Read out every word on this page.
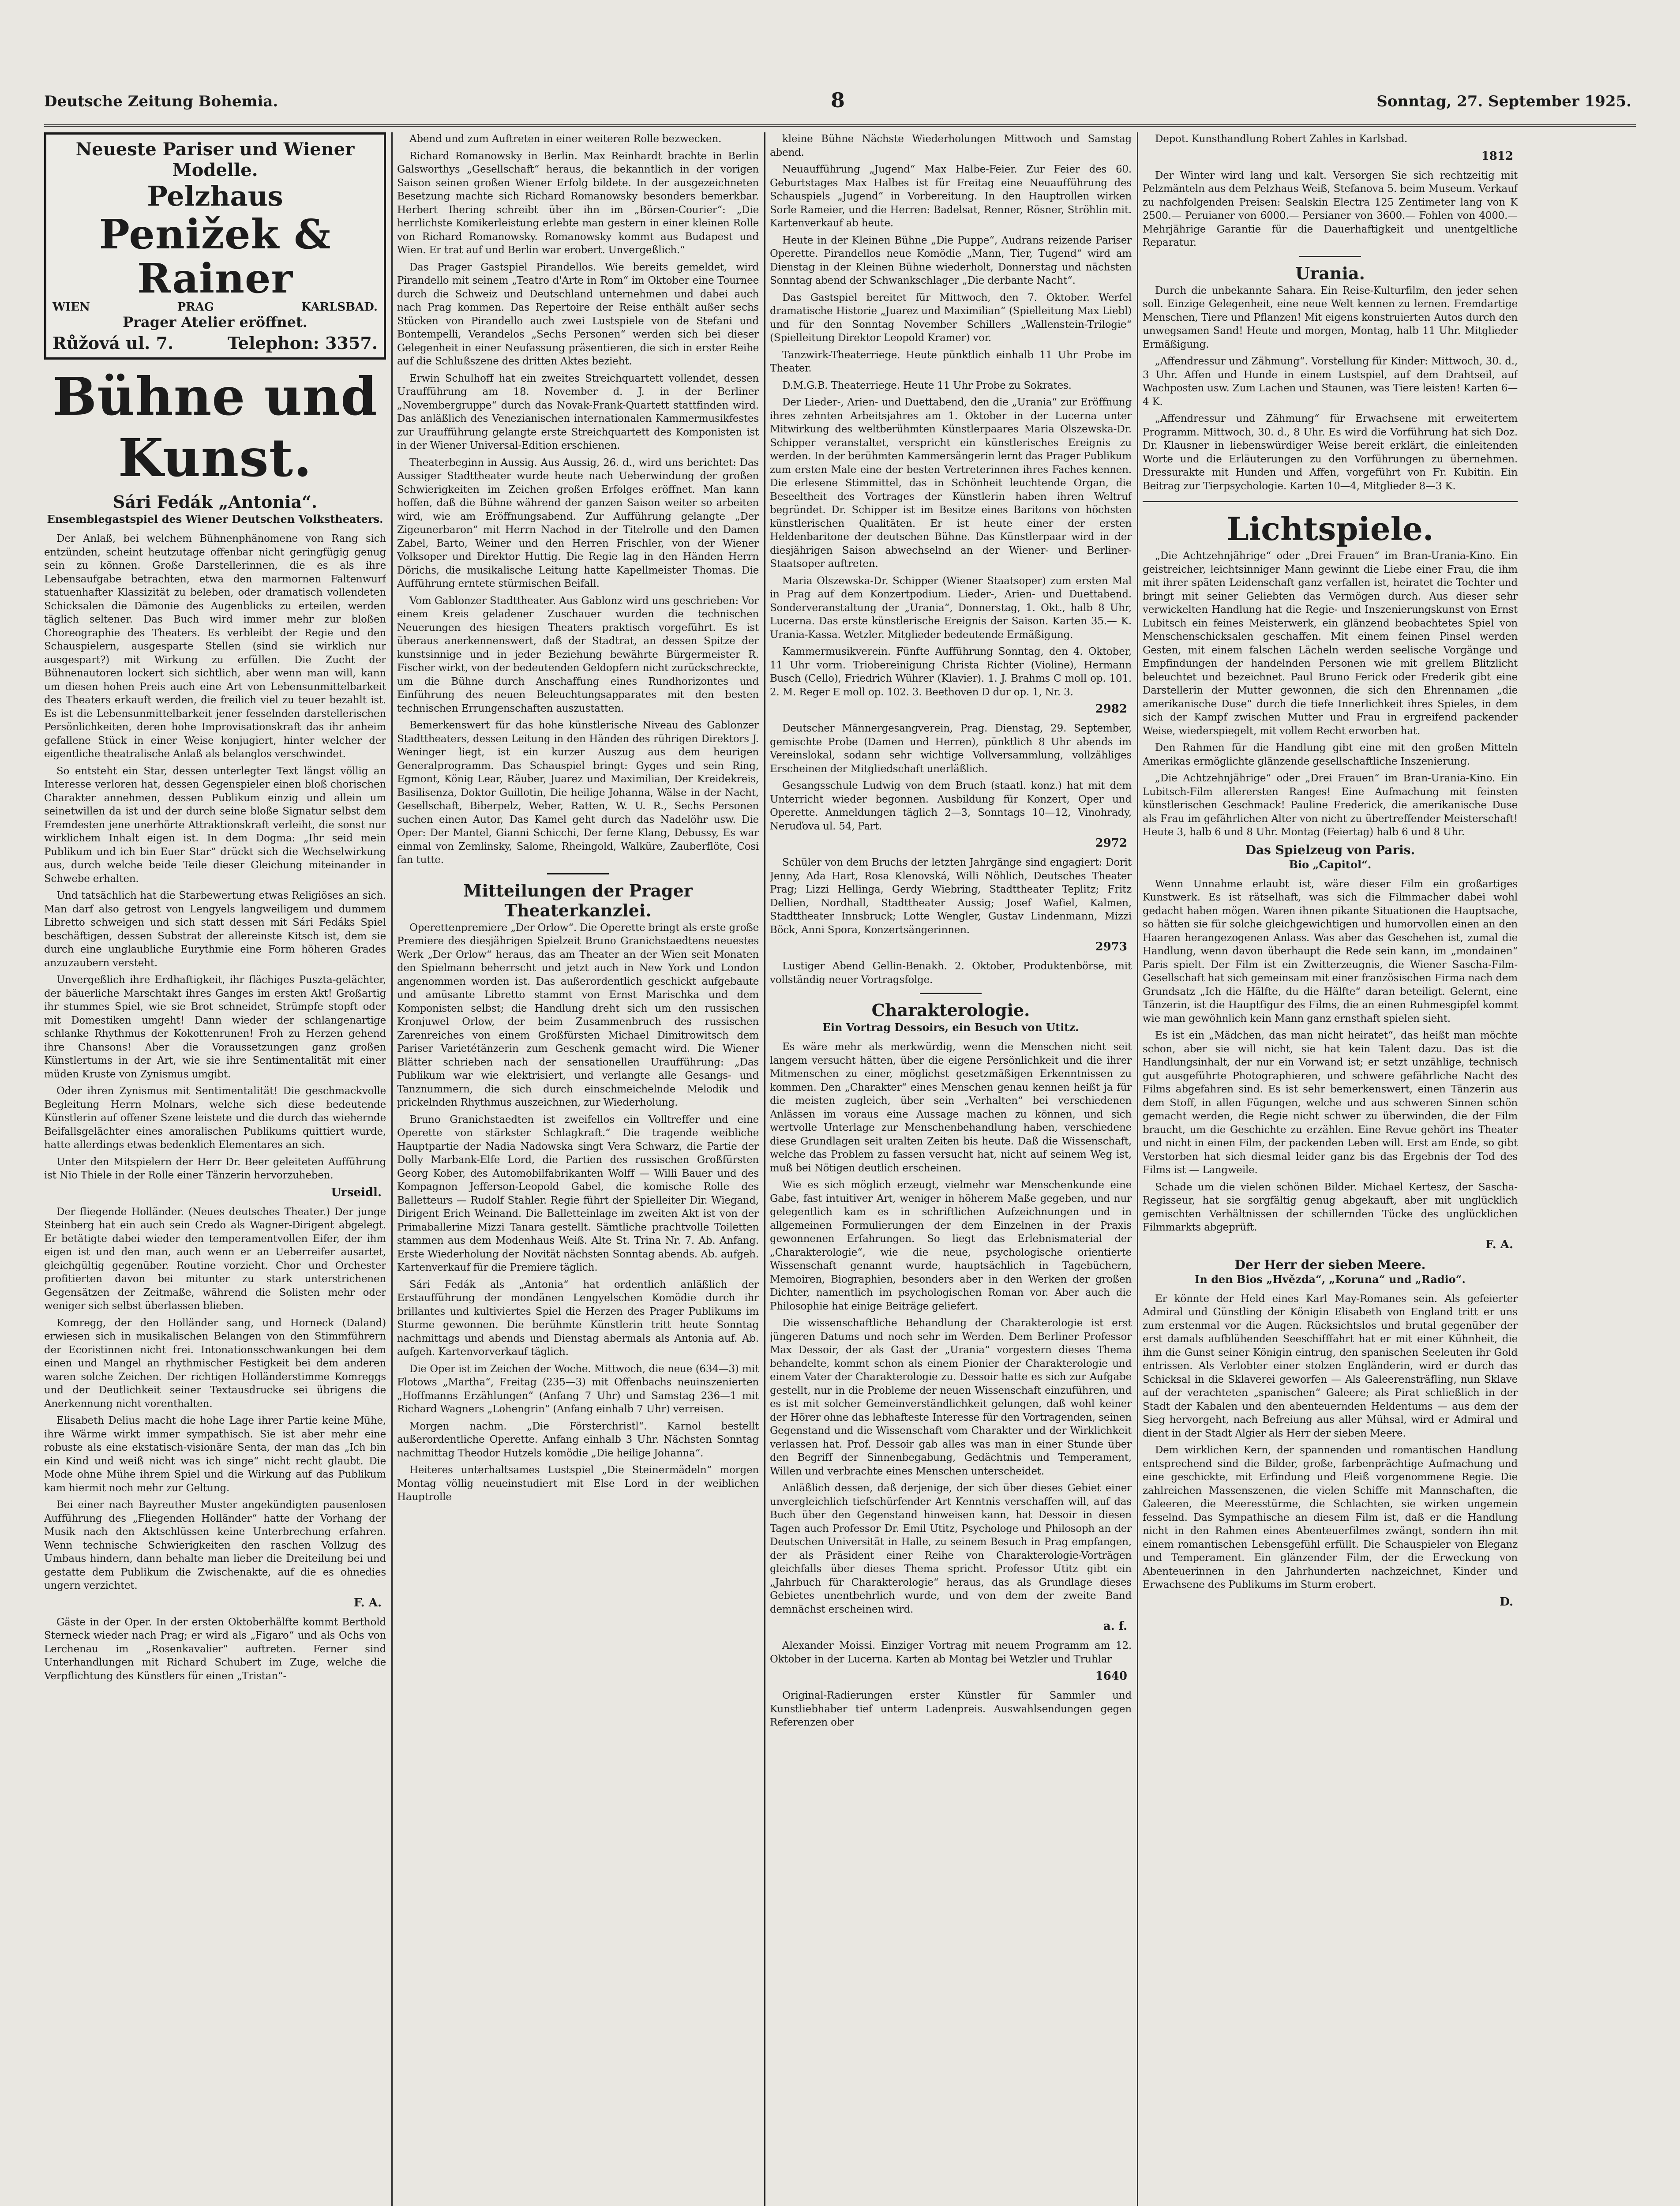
Deutsche Zeitung Bohemia.	8	Sonntag, 27. September 1925.
Neueste Pariser und Wiener Modelle.
Pelzhaus
Penižek & Rainer
WIEN	PRAG	KARLSBAD.
Prager Atelier eröffnet.
Růžová ul. 7.	Telephon: 3357.
Bühne und Kunst.
Sári Fedák „Antonia“.
Ensemblegastspiel des Wiener Deutschen Volkstheaters.

Der Anlaß, bei welchem Bühnenphänomene von Rang sich entzünden, scheint heutzutage offenbar nicht geringfügig genug sein zu können. Große Darstellerinnen, die es als ihre Lebensaufgabe betrachten, etwa den marmornen Faltenwurf statuenhafter Klassizität zu beleben, oder dramatisch vollendeten Schicksalen die Dämonie des Augenblicks zu erteilen, werden täglich seltener. Das Buch wird immer mehr zur bloßen Choreographie des Theaters. Es verbleibt der Regie und den Schauspielern, ausgesparte Stellen (sind sie wirklich nur ausgespart?) mit Wirkung zu erfüllen. Die Zucht der Bühnenautoren lockert sich sichtlich, aber wenn man will, kann um diesen hohen Preis auch eine Art von Lebensunmittelbarkeit des Theaters erkauft werden, die freilich viel zu teuer bezahlt ist. Es ist die Lebensunmittelbarkeit jener fesselnden darstellerischen Persönlichkeiten, deren hohe Improvisationskraft das ihr anheim gefallene Stück in einer Weise konjugiert, hinter welcher der eigentliche theatralische Anlaß als belanglos verschwindet.

So entsteht ein Star, dessen unterlegter Text längst völlig an Interesse verloren hat, dessen Gegenspieler einen bloß chorischen Charakter annehmen, dessen Publikum einzig und allein um seinetwillen da ist und der durch seine bloße Signatur selbst dem Fremdesten jene unerhörte Attraktionskraft verleiht, die sonst nur wirklichem Inhalt eigen ist. In dem Dogma: „Ihr seid mein Publikum und ich bin Euer Star“ drückt sich die Wechselwirkung aus, durch welche beide Teile dieser Gleichung miteinander in Schwebe erhalten.

Und tatsächlich hat die Starbewertung etwas Religiöses an sich. Man darf also getrost von Lengyels langweiligem und dummem Libretto schweigen und sich statt dessen mit Sári Fedáks Spiel beschäftigen, dessen Substrat der allereinste Kitsch ist, dem sie durch eine unglaubliche Eurythmie eine Form höheren Grades anzuzaubern versteht.

Unvergeßlich ihre Erdhaftigkeit, ihr flächiges Puszta-gelächter, der bäuerliche Marschtakt ihres Ganges im ersten Akt! Großartig ihr stummes Spiel, wie sie Brot schneidet, Strümpfe stopft oder mit Domestiken umgeht! Dann wieder der schlangenartige schlanke Rhythmus der Kokottenrunen! Froh zu Herzen gehend ihre Chansons! Aber die Voraussetzungen ganz großen Künstlertums in der Art, wie sie ihre Sentimentalität mit einer müden Kruste von Zynismus umgibt.

Oder ihren Zynismus mit Sentimentalität! Die geschmackvolle Begleitung Herrn Molnars, welche sich diese bedeutende Künstlerin auf offener Szene leistete und die durch das wiehernde Beifallsgelächter eines amoralischen Publikums quittiert wurde, hatte allerdings etwas bedenklich Elementares an sich.

Unter den Mitspielern der Herr Dr. Beer geleiteten Aufführung ist Nio Thiele in der Rolle einer Tänzerin hervorzuheben.

Urseidl.

Der fliegende Holländer. (Neues deutsches Theater.) Der junge Steinberg hat ein auch sein Credo als Wagner-Dirigent abgelegt. Er betätigte dabei wieder den temperamentvollen Eifer, der ihm eigen ist und den man, auch wenn er an Ueberreifer ausartet, gleichgültig gegenüber. Routine vorzieht. Chor und Orchester profitierten davon bei mitunter zu stark unterstrichenen Gegensätzen der Zeitmaße, während die Solisten mehr oder weniger sich selbst überlassen blieben.

Komregg, der den Holländer sang, und Horneck (Daland) erwiesen sich in musikalischen Belangen von den Stimmführern der Ecoristinnen nicht frei. Intonationsschwankungen bei dem einen und Mangel an rhythmischer Festigkeit bei dem anderen waren solche Zeichen. Der richtigen Holländerstimme Komreggs und der Deutlichkeit seiner Textausdrucke sei übrigens die Anerkennung nicht vorenthalten.

Elisabeth Delius macht die hohe Lage ihrer Partie keine Mühe, ihre Wärme wirkt immer sympathisch. Sie ist aber mehr eine robuste als eine ekstatisch-visionäre Senta, der man das „Ich bin ein Kind und weiß nicht was ich singe“ nicht recht glaubt. Die Mode ohne Mühe ihrem Spiel und die Wirkung auf das Publikum kam hiermit noch mehr zur Geltung.

Bei einer nach Bayreuther Muster angekündigten pausenlosen Aufführung des „Fliegenden Holländer“ hatte der Vorhang der Musik nach den Aktschlüssen keine Unterbrechung erfahren. Wenn technische Schwierigkeiten den raschen Vollzug des Umbaus hindern, dann behalte man lieber die Dreiteilung bei und gestatte dem Publikum die Zwischenakte, auf die es ohnedies ungern verzichtet.

F. A.

Gäste in der Oper. In der ersten Oktoberhälfte kommt Berthold Sterneck wieder nach Prag; er wird als „Figaro“ und als Ochs von Lerchenau im „Rosenkavalier“ auftreten. Ferner sind Unterhandlungen mit Richard Schubert im Zuge, welche die Verpflichtung des Künstlers für einen „Tristan“-

Abend und zum Auftreten in einer weiteren Rolle bezwecken.

Richard Romanowsky in Berlin. Max Reinhardt brachte in Berlin Galsworthys „Gesellschaft“ heraus, die bekanntlich in der vorigen Saison seinen großen Wiener Erfolg bildete. In der ausgezeichneten Besetzung machte sich Richard Romanowsky besonders bemerkbar. Herbert Ihering schreibt über ihn im „Börsen-Courier“: „Die herrlichste Komikerleistung erlebte man gestern in einer kleinen Rolle von Richard Romanowsky. Romanowsky kommt aus Budapest und Wien. Er trat auf und Berlin war erobert. Unvergeßlich.“

Das Prager Gastspiel Pirandellos. Wie bereits gemeldet, wird Pirandello mit seinem „Teatro d'Arte in Rom“ im Oktober eine Tournee durch die Schweiz und Deutschland unternehmen und dabei auch nach Prag kommen. Das Repertoire der Reise enthält außer sechs Stücken von Pirandello auch zwei Lustspiele von de Stefani und Bontempelli, Verandelos „Sechs Personen“ werden sich bei dieser Gelegenheit in einer Neufassung präsentieren, die sich in erster Reihe auf die Schlußszene des dritten Aktes bezieht.

Erwin Schulhoff hat ein zweites Streichquartett vollendet, dessen Uraufführung am 18. November d. J. in der Berliner „Novembergruppe“ durch das Novak-Frank-Quartett stattfinden wird. Das anläßlich des Venezianischen internationalen Kammermusikfestes zur Uraufführung gelangte erste Streichquartett des Komponisten ist in der Wiener Universal-Edition erschienen.

Theaterbeginn in Aussig. Aus Aussig, 26. d., wird uns berichtet: Das Aussiger Stadttheater wurde heute nach Ueberwindung der großen Schwierigkeiten im Zeichen großen Erfolges eröffnet. Man kann hoffen, daß die Bühne während der ganzen Saison weiter so arbeiten wird, wie am Eröffnungsabend. Zur Aufführung gelangte „Der Zigeunerbaron“ mit Herrn Nachod in der Titelrolle und den Damen Zabel, Barto, Weiner und den Herren Frischler, von der Wiener Volksoper und Direktor Huttig. Die Regie lag in den Händen Herrn Dörichs, die musikalische Leitung hatte Kapellmeister Thomas. Die Aufführung erntete stürmischen Beifall.

Vom Gablonzer Stadttheater. Aus Gablonz wird uns geschrieben: Vor einem Kreis geladener Zuschauer wurden die technischen Neuerungen des hiesigen Theaters praktisch vorgeführt. Es ist überaus anerkennenswert, daß der Stadtrat, an dessen Spitze der kunstsinnige und in jeder Beziehung bewährte Bürgermeister R. Fischer wirkt, von der bedeutenden Geldopfern nicht zurückschreckte, um die Bühne durch Anschaffung eines Rundhorizontes und Einführung des neuen Beleuchtungsapparates mit den besten technischen Errungenschaften auszustatten.

Bemerkenswert für das hohe künstlerische Niveau des Gablonzer Stadttheaters, dessen Leitung in den Händen des rührigen Direktors J. Weninger liegt, ist ein kurzer Auszug aus dem heurigen Generalprogramm. Das Schauspiel bringt: Gyges und sein Ring, Egmont, König Lear, Räuber, Juarez und Maximilian, Der Kreidekreis, Basilisenza, Doktor Guillotin, Die heilige Johanna, Wälse in der Nacht, Gesellschaft, Biberpelz, Weber, Ratten, W. U. R., Sechs Personen suchen einen Autor, Das Kamel geht durch das Nadelöhr usw. Die Oper: Der Mantel, Gianni Schicchi, Der ferne Klang, Debussy, Es war einmal von Zemlinsky, Salome, Rheingold, Walküre, Zauberflöte, Cosi fan tutte.

Mitteilungen der Prager Theaterkanzlei.

Operettenpremiere „Der Orlow“. Die Operette bringt als erste große Premiere des diesjährigen Spielzeit Bruno Granichstaedtens neuestes Werk „Der Orlow“ heraus, das am Theater an der Wien seit Monaten den Spielmann beherrscht und jetzt auch in New York und London angenommen worden ist. Das außerordentlich geschickt aufgebaute und amüsante Libretto stammt von Ernst Marischka und dem Komponisten selbst; die Handlung dreht sich um den russischen Kronjuwel Orlow, der beim Zusammenbruch des russischen Zarenreiches von einem Großfürsten Michael Dimitrowitsch dem Pariser Varietétänzerin zum Geschenk gemacht wird. Die Wiener Blätter schrieben nach der sensationellen Uraufführung: „Das Publikum war wie elektrisiert, und verlangte alle Gesangs- und Tanznummern, die sich durch einschmeichelnde Melodik und prickelnden Rhythmus auszeichnen, zur Wiederholung.

Bruno Granichstaedten ist zweifellos ein Volltreffer und eine Operette von stärkster Schlagkraft.“ Die tragende weibliche Hauptpartie der Nadia Nadowska singt Vera Schwarz, die Partie der Dolly Marbank-Elfe Lord, die Partien des russischen Großfürsten Georg Kober, des Automobilfabrikanten Wolff — Willi Bauer und des Kompagnon Jefferson-Leopold Gabel, die komische Rolle des Balletteurs — Rudolf Stahler. Regie führt der Spielleiter Dir. Wiegand, Dirigent Erich Weinand. Die Balletteinlage im zweiten Akt ist von der Primaballerine Mizzi Tanara gestellt. Sämtliche prachtvolle Toiletten stammen aus dem Modenhaus Weiß. Alte St. Trina Nr. 7. Ab. Anfang. Erste Wiederholung der Novität nächsten Sonntag abends. Ab. aufgeh. Kartenverkauf für die Premiere täglich.

Sári Fedák als „Antonia“ hat ordentlich anläßlich der Erstaufführung der mondänen Lengyelschen Komödie durch ihr brillantes und kultiviertes Spiel die Herzen des Prager Publikums im Sturme gewonnen. Die berühmte Künstlerin tritt heute Sonntag nachmittags und abends und Dienstag abermals als Antonia auf. Ab. aufgeh. Kartenvorverkauf täglich.

Die Oper ist im Zeichen der Woche. Mittwoch, die neue (634—3) mit Flotows „Martha“, Freitag (235—3) mit Offenbachs neuinszenierten „Hoffmanns Erzählungen“ (Anfang 7 Uhr) und Samstag 236—1 mit Richard Wagners „Lohengrin“ (Anfang einhalb 7 Uhr) verreisen.

Morgen nachm. „Die Försterchristl“. Karnol bestellt außerordentliche Operette. Anfang einhalb 3 Uhr. Nächsten Sonntag nachmittag Theodor Hutzels komödie „Die heilige Johanna“.

Heiteres unterhaltsames Lustspiel „Die Steinermädeln“ morgen Montag völlig neueinstudiert mit Else Lord in der weiblichen Hauptrolle

kleine Bühne Nächste Wiederholungen Mittwoch und Samstag abend.

Neuaufführung „Jugend“ Max Halbe-Feier. Zur Feier des 60. Geburtstages Max Halbes ist für Freitag eine Neuaufführung des Schauspiels „Jugend“ in Vorbereitung. In den Hauptrollen wirken Sorle Rameier, und die Herren: Badelsat, Renner, Rösner, Ströhlin mit. Kartenverkauf ab heute.

Heute in der Kleinen Bühne „Die Puppe“, Audrans reizende Pariser Operette. Pirandellos neue Komödie „Mann, Tier, Tugend“ wird am Dienstag in der Kleinen Bühne wiederholt, Donnerstag und nächsten Sonntag abend der Schwankschlager „Die derbante Nacht“.

Das Gastspiel bereitet für Mittwoch, den 7. Oktober. Werfel dramatische Historie „Juarez und Maximilian“ (Spielleitung Max Liebl) und für den Sonntag November Schillers „Wallenstein-Trilogie“ (Spielleitung Direktor Leopold Kramer) vor.

Tanzwirk-Theaterriege. Heute pünktlich einhalb 11 Uhr Probe im Theater.

D.M.G.B. Theaterriege. Heute 11 Uhr Probe zu Sokrates.

Der Lieder-, Arien- und Duettabend, den die „Urania“ zur Eröffnung ihres zehnten Arbeitsjahres am 1. Oktober in der Lucerna unter Mitwirkung des weltberühmten Künstlerpaares Maria Olszewska-Dr. Schipper veranstaltet, verspricht ein künstlerisches Ereignis zu werden. In der berühmten Kammersängerin lernt das Prager Publikum zum ersten Male eine der besten Vertreterinnen ihres Faches kennen. Die erlesene Stimmittel, das in Schönheit leuchtende Organ, die Beseeltheit des Vortrages der Künstlerin haben ihren Weltruf begründet. Dr. Schipper ist im Besitze eines Baritons von höchsten künstlerischen Qualitäten. Er ist heute einer der ersten Heldenbaritone der deutschen Bühne. Das Künstlerpaar wird in der diesjährigen Saison abwechselnd an der Wiener- und Berliner-Staatsoper auftreten.

Maria Olszewska-Dr. Schipper (Wiener Staatsoper) zum ersten Mal in Prag auf dem Konzertpodium. Lieder-, Arien- und Duettabend. Sonderveranstaltung der „Urania“, Donnerstag, 1. Okt., halb 8 Uhr, Lucerna. Das erste künstlerische Ereignis der Saison. Karten 35.— K. Urania-Kassa. Wetzler. Mitglieder bedeutende Ermäßigung.

Kammermusikverein. Fünfte Aufführung Sonntag, den 4. Oktober, 11 Uhr vorm. Triobereinigung Christa Richter (Violine), Hermann Busch (Cello), Friedrich Wührer (Klavier). 1. J. Brahms C moll op. 101. 2. M. Reger E moll op. 102. 3. Beethoven D dur op. 1, Nr. 3.

2982

Deutscher Männergesangverein, Prag. Dienstag, 29. September, gemischte Probe (Damen und Herren), pünktlich 8 Uhr abends im Vereinslokal, sodann sehr wichtige Vollversammlung, vollzähliges Erscheinen der Mitgliedschaft unerläßlich.

Gesangsschule Ludwig von dem Bruch (staatl. konz.) hat mit dem Unterricht wieder begonnen. Ausbildung für Konzert, Oper und Operette. Anmeldungen täglich 2—3, Sonntags 10—12, Vinohrady, Neruďova ul. 54, Part.

2972

Schüler von dem Bruchs der letzten Jahrgänge sind engagiert: Dorit Jenny, Ada Hart, Rosa Klenovská, Willi Nöhlich, Deutsches Theater Prag; Lizzi Hellinga, Gerdy Wiebring, Stadttheater Teplitz; Fritz Dellien, Nordhall, Stadttheater Aussig; Josef Wafiel, Kalmen, Stadttheater Innsbruck; Lotte Wengler, Gustav Lindenmann, Mizzi Böck, Anni Spora, Konzertsängerinnen.

2973

Lustiger Abend Gellin-Benakh. 2. Oktober, Produktenbörse, mit vollständig neuer Vortragsfolge.

Charakterologie.
Ein Vortrag Dessoirs, ein Besuch von Utitz.

Es wäre mehr als merkwürdig, wenn die Menschen nicht seit langem versucht hätten, über die eigene Persönlichkeit und die ihrer Mitmenschen zu einer, möglichst gesetzmäßigen Erkenntnissen zu kommen. Den „Charakter“ eines Menschen genau kennen heißt ja für die meisten zugleich, über sein „Verhalten“ bei verschiedenen Anlässen im voraus eine Aussage machen zu können, und sich wertvolle Unterlage zur Menschenbehandlung haben, verschiedene diese Grundlagen seit uralten Zeiten bis heute. Daß die Wissenschaft, welche das Problem zu fassen versucht hat, nicht auf seinem Weg ist, muß bei Nötigen deutlich erscheinen.

Wie es sich möglich erzeugt, vielmehr war Menschenkunde eine Gabe, fast intuitiver Art, weniger in höherem Maße gegeben, und nur gelegentlich kam es in schriftlichen Aufzeichnungen und in allgemeinen Formulierungen der dem Einzelnen in der Praxis gewonnenen Erfahrungen. So liegt das Erlebnismaterial der „Charakterologie“, wie die neue, psychologische orientierte Wissenschaft genannt wurde, hauptsächlich in Tagebüchern, Memoiren, Biographien, besonders aber in den Werken der großen Dichter, namentlich im psychologischen Roman vor. Aber auch die Philosophie hat einige Beiträge geliefert.

Die wissenschaftliche Behandlung der Charakterologie ist erst jüngeren Datums und noch sehr im Werden. Dem Berliner Professor Max Dessoir, der als Gast der „Urania“ vorgestern dieses Thema behandelte, kommt schon als einem Pionier der Charakterologie und einem Vater der Charakterologie zu. Dessoir hatte es sich zur Aufgabe gestellt, nur in die Probleme der neuen Wissenschaft einzuführen, und es ist mit solcher Gemeinverständlichkeit gelungen, daß wohl keiner der Hörer ohne das lebhafteste Interesse für den Vortragenden, seinen Gegenstand und die Wissenschaft vom Charakter und der Wirklichkeit verlassen hat. Prof. Dessoir gab alles was man in einer Stunde über den Begriff der Sinnenbegabung, Gedächtnis und Temperament, Willen und verbrachte eines Menschen unterscheidet.

Anläßlich dessen, daß derjenige, der sich über dieses Gebiet einer unvergleichlich tiefschürfender Art Kenntnis verschaffen will, auf das Buch über den Gegenstand hinweisen kann, hat Dessoir in diesen Tagen auch Professor Dr. Emil Utitz, Psychologe und Philosoph an der Deutschen Universität in Halle, zu seinem Besuch in Prag empfangen, der als Präsident einer Reihe von Charakterologie-Vorträgen gleichfalls über dieses Thema spricht. Professor Utitz gibt ein „Jahrbuch für Charakterologie“ heraus, das als Grundlage dieses Gebietes unentbehrlich wurde, und von dem der zweite Band demnächst erscheinen wird.

a. f.

Alexander Moissi. Einziger Vortrag mit neuem Programm am 12. Oktober in der Lucerna. Karten ab Montag bei Wetzler und Truhlar

1640

Original-Radierungen erster Künstler für Sammler und Kunstliebhaber tief unterm Ladenpreis. Auswahlsendungen gegen Referenzen ober

Depot. Kunsthandlung Robert Zahles in Karlsbad.

1812

Der Winter wird lang und kalt. Versorgen Sie sich rechtzeitig mit Pelzmänteln aus dem Pelzhaus Weiß, Stefanova 5. beim Museum. Verkauf zu nachfolgenden Preisen: Sealskin Electra 125 Zentimeter lang von K 2500.— Peruianer von 6000.— Persianer von 3600.— Fohlen von 4000.— Mehrjährige Garantie für die Dauerhaftigkeit und unentgeltliche Reparatur.

Urania.

Durch die unbekannte Sahara. Ein Reise-Kulturfilm, den jeder sehen soll. Einzige Gelegenheit, eine neue Welt kennen zu lernen. Fremdartige Menschen, Tiere und Pflanzen! Mit eigens konstruierten Autos durch den unwegsamen Sand! Heute und morgen, Montag, halb 11 Uhr. Mitglieder Ermäßigung.

„Affendressur und Zähmung“. Vorstellung für Kinder: Mittwoch, 30. d., 3 Uhr. Affen und Hunde in einem Lustspiel, auf dem Drahtseil, auf Wachposten usw. Zum Lachen und Staunen, was Tiere leisten! Karten 6—4 K.

„Affendressur und Zähmung“ für Erwachsene mit erweitertem Programm. Mittwoch, 30. d., 8 Uhr. Es wird die Vorführung hat sich Doz. Dr. Klausner in liebenswürdiger Weise bereit erklärt, die einleitenden Worte und die Erläuterungen zu den Vorführungen zu übernehmen. Dressurakte mit Hunden und Affen, vorgeführt von Fr. Kubitin. Ein Beitrag zur Tierpsychologie. Karten 10—4, Mitglieder 8—3 K.

Lichtspiele.

„Die Achtzehnjährige“ oder „Drei Frauen“ im Bran-Urania-Kino. Ein geistreicher, leichtsinniger Mann gewinnt die Liebe einer Frau, die ihm mit ihrer späten Leidenschaft ganz verfallen ist, heiratet die Tochter und bringt mit seiner Geliebten das Vermögen durch. Aus dieser sehr verwickelten Handlung hat die Regie- und Inszenierungskunst von Ernst Lubitsch ein feines Meisterwerk, ein glänzend beobachtetes Spiel von Menschenschicksalen geschaffen. Mit einem feinen Pinsel werden Gesten, mit einem falschen Lächeln werden seelische Vorgänge und Empfindungen der handelnden Personen wie mit grellem Blitzlicht beleuchtet und bezeichnet. Paul Bruno Ferick oder Frederik gibt eine Darstellerin der Mutter gewonnen, die sich den Ehrennamen „die amerikanische Duse“ durch die tiefe Innerlichkeit ihres Spieles, in dem sich der Kampf zwischen Mutter und Frau in ergreifend packender Weise, wiederspiegelt, mit vollem Recht erworben hat.

Den Rahmen für die Handlung gibt eine mit den großen Mitteln Amerikas ermöglichte glänzende gesellschaftliche Inszenierung.

„Die Achtzehnjährige“ oder „Drei Frauen“ im Bran-Urania-Kino. Ein Lubitsch-Film allerersten Ranges! Eine Aufmachung mit feinsten künstlerischen Geschmack! Pauline Frederick, die amerikanische Duse als Frau im gefährlichen Alter von nicht zu übertreffender Meisterschaft! Heute 3, halb 6 und 8 Uhr. Montag (Feiertag) halb 6 und 8 Uhr.

Das Spielzeug von Paris.
Bio „Capitol“.

Wenn Unnahme erlaubt ist, wäre dieser Film ein großartiges Kunstwerk. Es ist rätselhaft, was sich die Filmmacher dabei wohl gedacht haben mögen. Waren ihnen pikante Situationen die Hauptsache, so hätten sie für solche gleichgewichtigen und humorvollen einen an den Haaren herangezogenen Anlass. Was aber das Geschehen ist, zumal die Handlung, wenn davon überhaupt die Rede sein kann, im „mondainen“ Paris spielt. Der Film ist ein Zwitterzeugnis, die Wiener Sascha-Film-Gesellschaft hat sich gemeinsam mit einer französischen Firma nach dem Grundsatz „Ich die Hälfte, du die Hälfte“ daran beteiligt. Gelernt, eine Tänzerin, ist die Hauptfigur des Films, die an einen Ruhmesgipfel kommt wie man gewöhnlich kein Mann ganz ernsthaft spielen sieht.

Es ist ein „Mädchen, das man nicht heiratet“, das heißt man möchte schon, aber sie will nicht, sie hat kein Talent dazu. Das ist die Handlungsinhalt, der nur ein Vorwand ist; er setzt unzählige, technisch gut ausgeführte Photographieren, und schwere gefährliche Nacht des Films abgefahren sind. Es ist sehr bemerkenswert, einen Tänzerin aus dem Stoff, in allen Fügungen, welche und aus schweren Sinnen schön gemacht werden, die Regie nicht schwer zu überwinden, die der Film braucht, um die Geschichte zu erzählen. Eine Revue gehört ins Theater und nicht in einen Film, der packenden Leben will. Erst am Ende, so gibt Verstorben hat sich diesmal leider ganz bis das Ergebnis der Tod des Films ist — Langweile.

Schade um die vielen schönen Bilder. Michael Kertesz, der Sascha-Regisseur, hat sie sorgfältig genug abgekauft, aber mit unglücklich gemischten Verhältnissen der schillernden Tücke des unglücklichen Filmmarkts abgeprüft.

F. A.
Der Herr der sieben Meere.
In den Bios „Hvězda“, „Koruna“ und „Radio“.

Er könnte der Held eines Karl May-Romanes sein. Als gefeierter Admiral und Günstling der Königin Elisabeth von England tritt er uns zum erstenmal vor die Augen. Rücksichtslos und brutal gegenüber der erst damals aufblühenden Seeschifffahrt hat er mit einer Kühnheit, die ihm die Gunst seiner Königin eintrug, den spanischen Seeleuten ihr Gold entrissen. Als Verlobter einer stolzen Engländerin, wird er durch das Schicksal in die Sklaverei geworfen — Als Galeerensträfling, nun Sklave auf der verachteten „spanischen“ Galeere; als Pirat schließlich in der Stadt der Kabalen und den abenteuernden Heldentums — aus dem der Sieg hervorgeht, nach Befreiung aus aller Mühsal, wird er Admiral und dient in der Stadt Algier als Herr der sieben Meere.

Dem wirklichen Kern, der spannenden und romantischen Handlung entsprechend sind die Bilder, große, farbenprächtige Aufmachung und eine geschickte, mit Erfindung und Fleiß vorgenommene Regie. Die zahlreichen Massenszenen, die vielen Schiffe mit Mannschaften, die Galeeren, die Meeresstürme, die Schlachten, sie wirken ungemein fesselnd. Das Sympathische an diesem Film ist, daß er die Handlung nicht in den Rahmen eines Abenteuerfilmes zwängt, sondern ihn mit einem romantischen Lebensgefühl erfüllt. Die Schauspieler von Eleganz und Temperament. Ein glänzender Film, der die Erweckung von Abenteuerinnen in den Jahrhunderten nachzeichnet, Kinder und Erwachsene des Publikums im Sturm erobert.

D.
